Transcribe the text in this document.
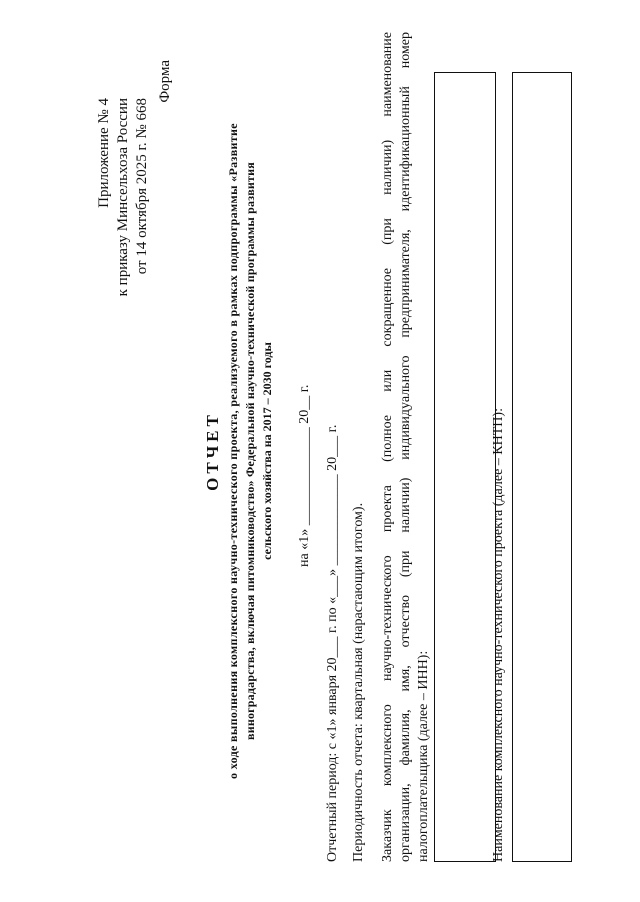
Приложение № 4 к приказу Минсельхоза России от 14 октября 2025 г. № 668
Форма
ОТЧЕТ о ходе выполнения комплексного научно-технического проекта, реализуемого в рамках подпрограммы «Развитие виноградарства, включая питомниководство» Федеральной научно-технической программы развития сельского хозяйства на 2017 – 2030 годы на «1» ______________ 20__ г. Отчетный период: с «1» января 20___ г. по «___» _____________ 20___ г. Периодичность отчета: квартальная (нарастающим итогом). Заказчик комплексного научно-технического проекта (полное или сокращенное (при наличии) наименование организации, фамилия, имя, отчество (при наличии) индивидуального предпринимателя, идентификационный номер налогоплательщика (далее – ИНН):	Наименование комплексного научно-технического проекта (далее – КНТП):
